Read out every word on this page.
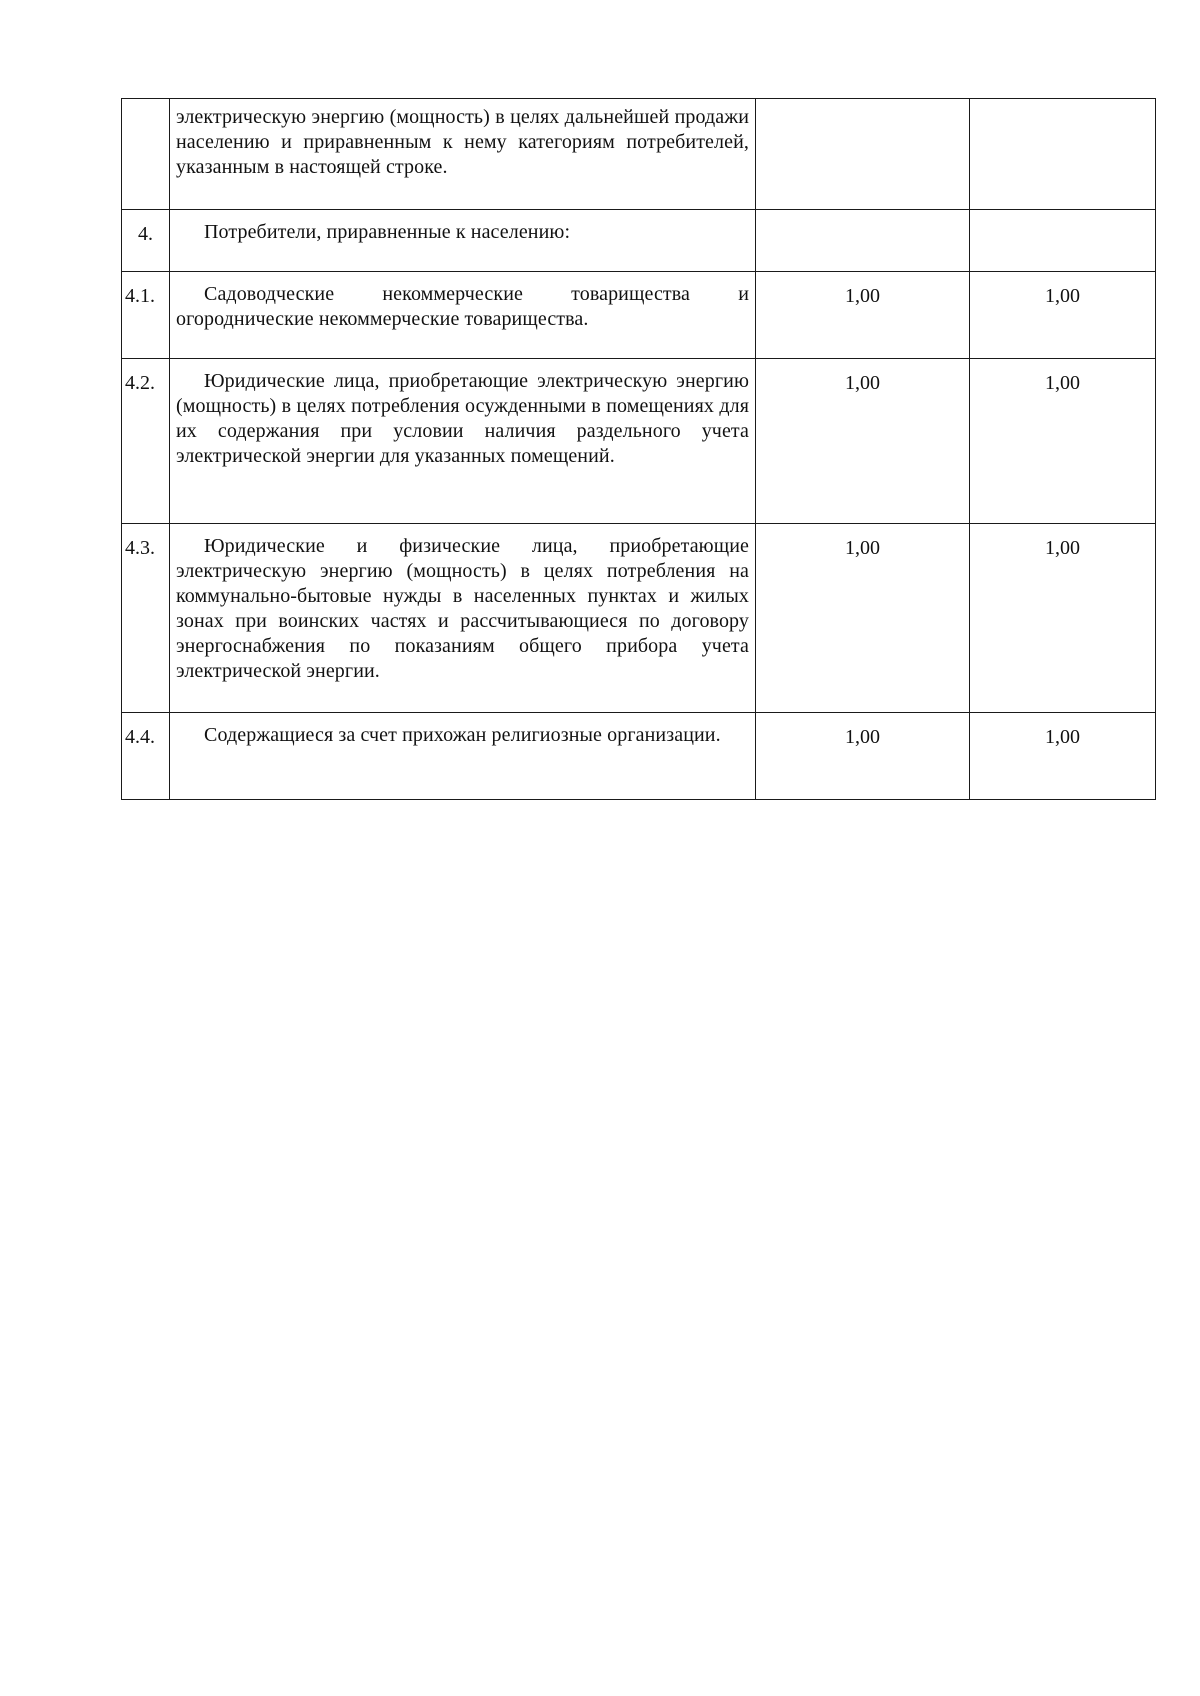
	электрическую энергию (мощность) в целях дальнейшей продажи населению и приравненным к нему категориям потребителей, указанным в настоящей строке.		
4.	Потребители, приравненные к населению:		
4.1.	Садоводческие некоммерческие товарищества и огороднические некоммерческие товарищества.	1,00	1,00
4.2.	Юридические лица, приобретающие электрическую энергию (мощность) в целях потребления осужденными в помещениях для их содержания при условии наличия раздельного учета электрической энергии для указанных помещений.	1,00	1,00
4.3.	Юридические и физические лица, приобретающие электрическую энергию (мощность) в целях потребления на коммунально-бытовые нужды в населенных пунктах и жилых зонах при воинских частях и рассчитывающиеся по договору энергоснабжения по показаниям общего прибора учета электрической энергии.	1,00	1,00
4.4.	Содержащиеся за счет прихожан религиозные организации.	1,00	1,00
